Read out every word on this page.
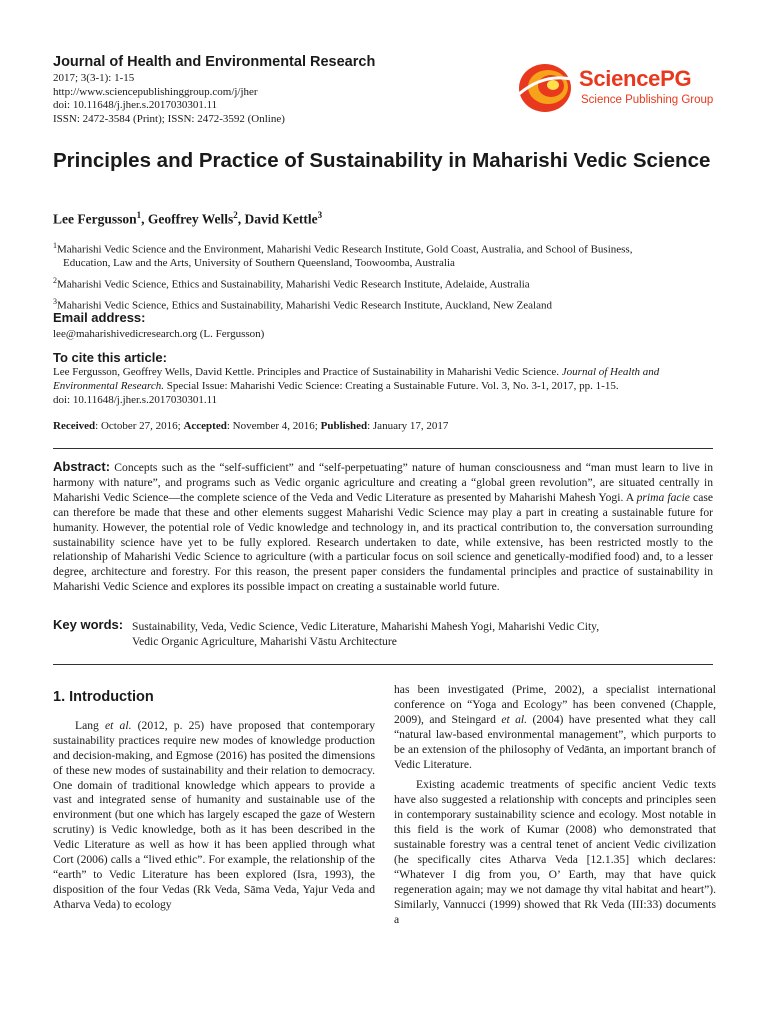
Journal of Health and Environmental Research
2017; 3(3-1): 1-15
http://www.sciencepublishinggroup.com/j/jher
doi: 10.11648/j.jher.s.2017030301.11
ISSN: 2472-3584 (Print); ISSN: 2472-3592 (Online)
SciencePG
Science Publishing Group
Principles and Practice of Sustainability in Maharishi Vedic Science
Lee Fergusson$^1$, Geoffrey Wells$^2$, David Kettle$^3$

$^1$Maharishi Vedic Science and the Environment, Maharishi Vedic Research Institute, Gold Coast, Australia, and School of Business,
Education, Law and the Arts, University of Southern Queensland, Toowoomba, Australia

$^2$Maharishi Vedic Science, Ethics and Sustainability, Maharishi Vedic Research Institute, Adelaide, Australia

$^3$Maharishi Vedic Science, Ethics and Sustainability, Maharishi Vedic Research Institute, Auckland, New Zealand

Email address:
lee@maharishivedicresearch.org (L. Fergusson)
To cite this article:
Lee Fergusson, Geoffrey Wells, David Kettle. Principles and Practice of Sustainability in Maharishi Vedic Science. Journal of Health and Environmental Research. Special Issue: Maharishi Vedic Science: Creating a Sustainable Future. Vol. 3, No. 3-1, 2017, pp. 1-15.
doi: 10.11648/j.jher.s.2017030301.11
Received: October 27, 2016; Accepted: November 4, 2016; Published: January 17, 2017
Abstract: Concepts such as the “self-sufficient” and “self-perpetuating” nature of human consciousness and “man must learn to live in harmony with nature”, and programs such as Vedic organic agriculture and creating a “global green revolution”, are situated centrally in Maharishi Vedic Science—the complete science of the Veda and Vedic Literature as presented by Maharishi Mahesh Yogi. A prima facie case can therefore be made that these and other elements suggest Maharishi Vedic Science may play a part in creating a sustainable future for humanity. However, the potential role of Vedic knowledge and technology in, and its practical contribution to, the conversation surrounding sustainability science have yet to be fully explored. Research undertaken to date, while extensive, has been restricted mostly to the relationship of Maharishi Vedic Science to agriculture (with a particular focus on soil science and genetically-modified food) and, to a lesser degree, architecture and forestry. For this reason, the present paper considers the fundamental principles and practice of sustainability in Maharishi Vedic Science and explores its possible impact on creating a sustainable world future.
Key words: Sustainability, Veda, Vedic Science, Vedic Literature, Maharishi Mahesh Yogi, Maharishi Vedic City,
Vedic Organic Agriculture, Maharishi Vāstu Architecture
1. Introduction

Lang et al. (2012, p. 25) have proposed that contemporary sustainability practices require new modes of knowledge production and decision-making, and Egmose (2016) has posited the dimensions of these new modes of sustainability and their relation to democracy. One domain of traditional knowledge which appears to provide a vast and integrated sense of humanity and sustainable use of the environment (but one which has largely escaped the gaze of Western scrutiny) is Vedic knowledge, both as it has been described in the Vedic Literature as well as how it has been applied through what Cort (2006) calls a “lived ethic”. For example, the relationship of the “earth” to Vedic Literature has been explored (Isra, 1993), the disposition of the four Vedas (Rk Veda, Sāma Veda, Yajur Veda and Atharva Veda) to ecology

has been investigated (Prime, 2002), a specialist international conference on “Yoga and Ecology” has been convened (Chapple, 2009), and Steingard et al. (2004) have presented what they call “natural law-based environmental management”, which purports to be an extension of the philosophy of Vedānta, an important branch of Vedic Literature.

Existing academic treatments of specific ancient Vedic texts have also suggested a relationship with concepts and principles seen in contemporary sustainability science and ecology. Most notable in this field is the work of Kumar (2008) who demonstrated that sustainable forestry was a central tenet of ancient Vedic civilization (he specifically cites Atharva Veda [12.1.35] which declares: “Whatever I dig from you, O’ Earth, may that have quick regeneration again; may we not damage thy vital habitat and heart”). Similarly, Vannucci (1999) showed that Rk Veda (III:33) documents a
